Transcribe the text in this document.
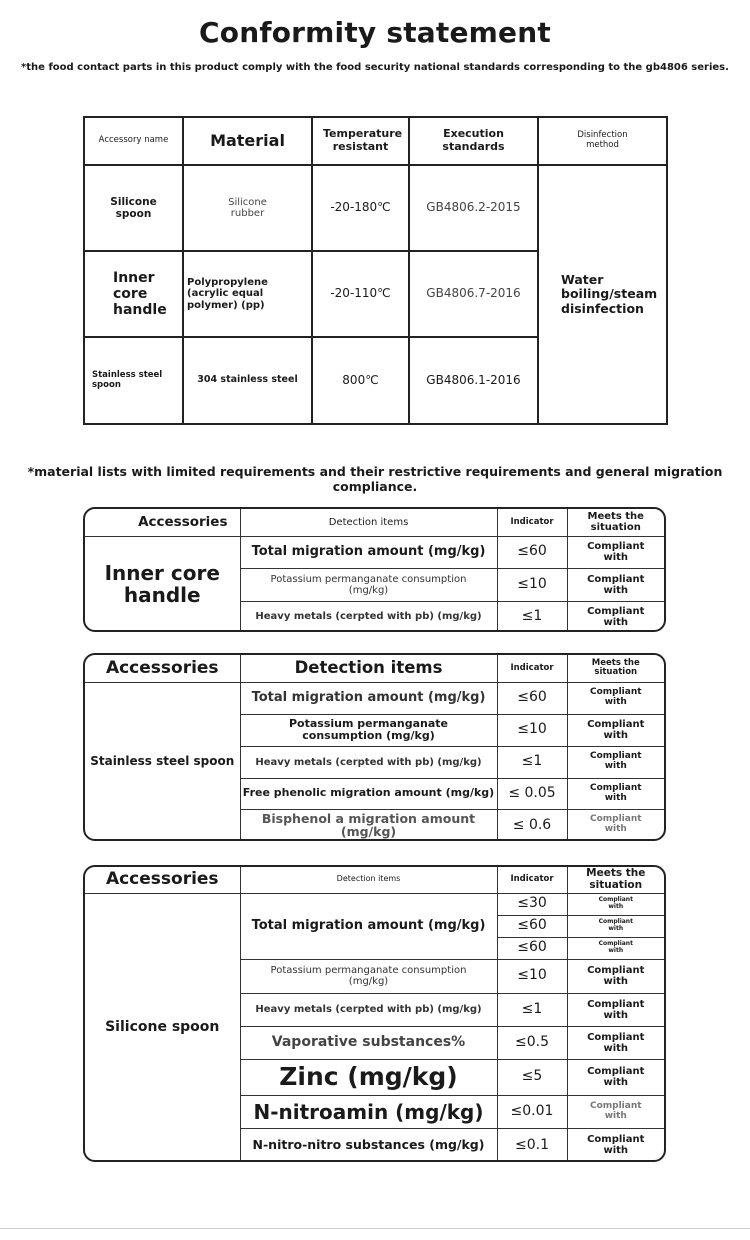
Conformity statement
*the food contact parts in this product comply with the food security national standards corresponding to the gb4806 series.
Accessory name	Material	Temperature resistant	Execution standards	Disinfection method
Silicone spoon	Silicone rubber	-20-180℃	GB4806.2-2015	Water boiling/steam disinfection
Inner core handle	Polypropylene (acrylic equal polymer) (pp)	-20-110℃	GB4806.7-2016	
Stainless steel spoon	304 stainless steel	800℃	GB4806.1-2016	
*material lists with limited requirements and their restrictive requirements and general migration compliance.
Accessories	Detection items	Indicator	Meets the situation
Inner core handle	Total migration amount (mg/kg)	≤60	Compliant with
	Potassium permanganate consumption (mg/kg)	≤10	Compliant with
	Heavy metals (cerpted with pb) (mg/kg)	≤1	Compliant with
Accessories	Detection items	Indicator	Meets the situation
Stainless steel spoon	Total migration amount (mg/kg)	≤60	Compliant with
	Potassium permanganate consumption (mg/kg)	≤10	Compliant with
	Heavy metals (cerpted with pb) (mg/kg)	≤1	Compliant with
	Free phenolic migration amount (mg/kg)	≤ 0.05	Compliant with
	Bisphenol a migration amount (mg/kg)	≤ 0.6	Compliant with
Accessories	Detection items	Indicator	Meets the situation
Silicone spoon	Total migration amount (mg/kg)	≤30	Compliant with
		≤60	Compliant with
		≤60	Compliant with
	Potassium permanganate consumption (mg/kg)	≤10	Compliant with
	Heavy metals (cerpted with pb) (mg/kg)	≤1	Compliant with
	Vaporative substances%	≤0.5	Compliant with
	Zinc (mg/kg)	≤5	Compliant with
	N-nitroamin (mg/kg)	≤0.01	Compliant with
	N-nitro-nitro substances (mg/kg)	≤0.1	Compliant with
